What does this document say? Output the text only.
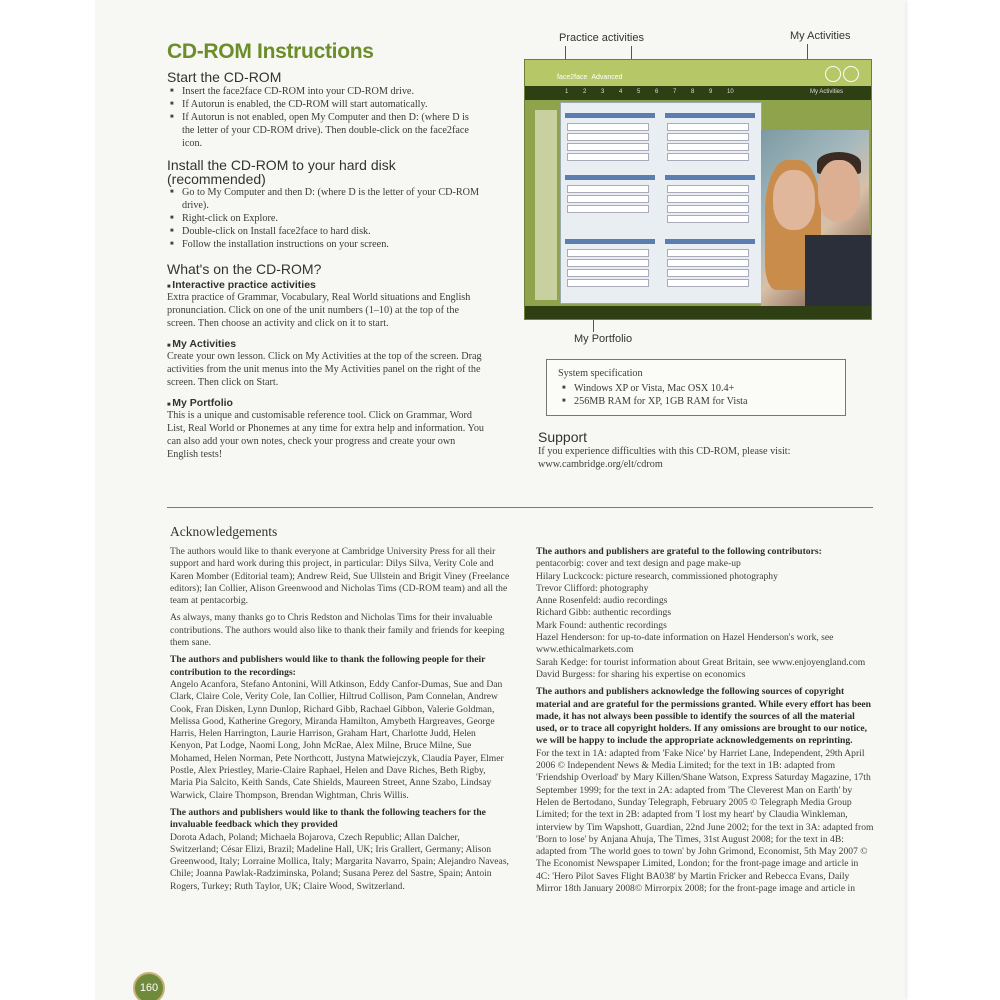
CD-ROM Instructions
Start the CD-ROM
■ Insert the face2face CD-ROM into your CD-ROM drive.
■ If Autorun is enabled, the CD-ROM will start automatically.
■ If Autorun is not enabled, open My Computer and then D: (where D is the letter of your CD-ROM drive). Then double-click on the face2face icon.
Install the CD-ROM to your hard disk
(recommended)
■ Go to My Computer and then D: (where D is the letter of your CD-ROM drive).
■ Right-click on Explore.
■ Double-click on Install face2face to hard disk.
■ Follow the installation instructions on your screen.
What's on the CD-ROM?
■ Interactive practice activities
Extra practice of Grammar, Vocabulary, Real World situations and English pronunciation. Click on one of the unit numbers (1–10) at the top of the screen. Then choose an activity and click on it to start.
■ My Activities
Create your own lesson. Click on My Activities at the top of the screen. Drag activities from the unit menus into the My Activities panel on the right of the screen. Then click on Start.
■ My Portfolio
This is a unique and customisable reference tool. Click on Grammar, Word List, Real World or Phonemes at any time for extra help and information. You can also add your own notes, check your progress and create your own English tests!
Practice activities	My Activities
My Portfolio
face2face Advanced
1 2 3 4 5 6 7 8 9 10	My Activities
System specification
■ Windows XP or Vista, Mac OSX 10.4+
■ 256MB RAM for XP, 1GB RAM for Vista
Support
If you experience difficulties with this CD-ROM, please visit:
www.cambridge.org/elt/cdrom
Acknowledgements

The authors would like to thank everyone at Cambridge University Press for all their support and hard work during this project, in particular: Dilys Silva, Verity Cole and Karen Momber (Editorial team); Andrew Reid, Sue Ullstein and Brigit Viney (Freelance editors); Ian Collier, Alison Greenwood and Nicholas Tims (CD-ROM team) and all the team at pentacorbig.

As always, many thanks go to Chris Redston and Nicholas Tims for their invaluable contributions. The authors would also like to thank their family and friends for keeping them sane.

The authors and publishers would like to thank the following people for their contribution to the recordings:
Angelo Acanfora, Stefano Antonini, Will Atkinson, Eddy Canfor-Dumas, Sue and Dan Clark, Claire Cole, Verity Cole, Ian Collier, Hiltrud Collison, Pam Connelan, Andrew Cook, Fran Disken, Lynn Dunlop, Richard Gibb, Rachael Gibbon, Valerie Goldman, Melissa Good, Katherine Gregory, Miranda Hamilton, Amybeth Hargreaves, George Harris, Helen Harrington, Laurie Harrison, Graham Hart, Charlotte Judd, Helen Kenyon, Pat Lodge, Naomi Long, John McRae, Alex Milne, Bruce Milne, Sue Mohamed, Helen Norman, Pete Northcott, Justyna Matwiejczyk, Claudia Payer, Elmer Postle, Alex Priestley, Marie-Claire Raphael, Helen and Dave Riches, Beth Rigby, Maria Pia Salcito, Keith Sands, Cate Shields, Maureen Street, Anne Szabo, Lindsay Warwick, Claire Thompson, Brendan Wightman, Chris Willis.

The authors and publishers would like to thank the following teachers for the invaluable feedback which they provided
Dorota Adach, Poland; Michaela Bojarova, Czech Republic; Allan Dalcher, Switzerland; César Elizi, Brazil; Madeline Hall, UK; Iris Grallert, Germany; Alison Greenwood, Italy; Lorraine Mollica, Italy; Margarita Navarro, Spain; Alejandro Naveas, Chile; Joanna Pawlak-Radziminska, Poland; Susana Perez del Sastre, Spain; Antoin Rogers, Turkey; Ruth Taylor, UK; Claire Wood, Switzerland.

The authors and publishers are grateful to the following contributors:
pentacorbig: cover and text design and page make-up
Hilary Luckcock: picture research, commissioned photography
Trevor Clifford: photography
Anne Rosenfeld: audio recordings
Richard Gibb: authentic recordings
Mark Found: authentic recordings
Hazel Henderson: for up-to-date information on Hazel Henderson's work, see www.ethicalmarkets.com
Sarah Kedge: for tourist information about Great Britain, see www.enjoyengland.com
David Burgess: for sharing his expertise on economics

The authors and publishers acknowledge the following sources of copyright material and are grateful for the permissions granted. While every effort has been made, it has not always been possible to identify the sources of all the material used, or to trace all copyright holders. If any omissions are brought to our notice, we will be happy to include the appropriate acknowledgements on reprinting.
For the text in 1A: adapted from 'Fake Nice' by Harriet Lane, Independent, 29th April 2006 © Independent News & Media Limited; for the text in 1B: adapted from 'Friendship Overload' by Mary Killen/Shane Watson, Express Saturday Magazine, 17th September 1999; for the text in 2A: adapted from 'The Cleverest Man on Earth' by Helen de Bertodano, Sunday Telegraph, February 2005 © Telegraph Media Group Limited; for the text in 2B: adapted from 'I lost my heart' by Claudia Winkleman, interview by Tim Wapshott, Guardian, 22nd June 2002; for the text in 3A: adapted from 'Born to lose' by Anjana Ahuja, The Times, 31st August 2008; for the text in 4B: adapted from 'The world goes to town' by John Grimond, Economist, 5th May 2007 © The Economist Newspaper Limited, London; for the front-page image and article in 4C: 'Hero Pilot Saves Flight BA038' by Martin Fricker and Rebecca Evans, Daily Mirror 18th January 2008© Mirrorpix 2008; for the front-page image and article in

160
